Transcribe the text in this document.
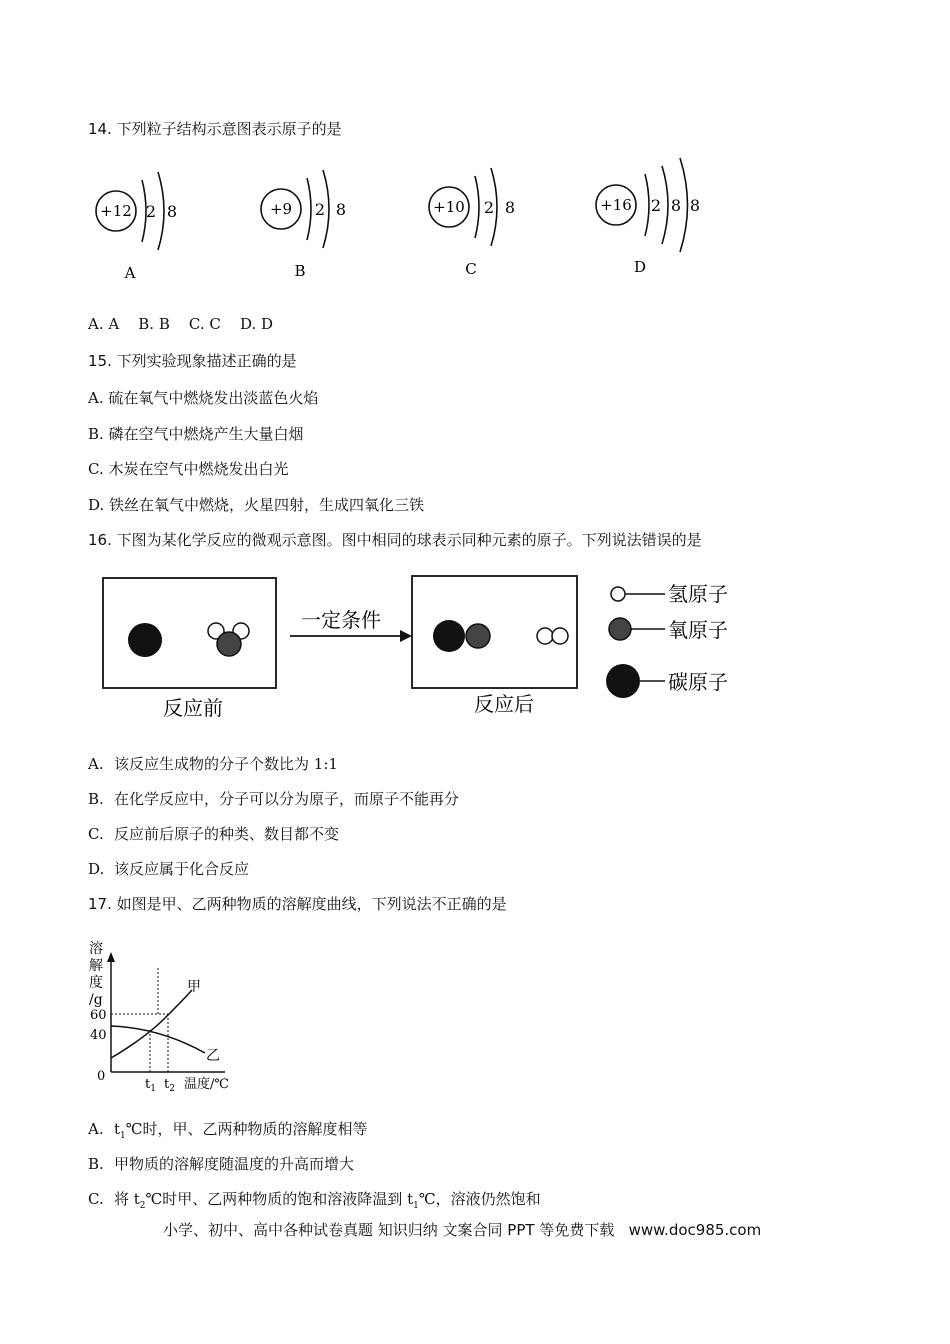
14. 下列粒子结构示意图表示原子的是
+12 2 8
A
+9 2 8
B
+10 2 8
C
+16 2 8 8
D
A. A    B. B    C. C    D. D
15. 下列实验现象描述正确的是
A. 硫在氧气中燃烧发出淡蓝色火焰
B. 磷在空气中燃烧产生大量白烟
C. 木炭在空气中燃烧发出白光
D. 铁丝在氧气中燃烧，火星四射，生成四氧化三铁
16. 下图为某化学反应的微观示意图。图中相同的球表示同种元素的原子。下列说法错误的是
反应前
一定条件
反应后
氢原子
氧原子
碳原子
A. 该反应生成物的分子个数比为 1:1
B. 在化学反应中，分子可以分为原子，而原子不能再分
C. 反应前后原子的种类、数目都不变
D. 该反应属于化合反应
17. 如图是甲、乙两种物质的溶解度曲线，下列说法不正确的是
溶
解
度
/g
60
40
0
$t_1$ $t_2$ 温度/℃
甲
乙
A. $t_1℃$时，甲、乙两种物质的溶解度相等
B. 甲物质的溶解度随温度的升高而增大
C. 将 $t_2℃$时甲、乙两种物质的饱和溶液降温到 $t_1℃$，溶液仍然饱和
小学、初中、高中各种试卷真题 知识归纳 文案合同 PPT 等免费下载   www.doc985.com
